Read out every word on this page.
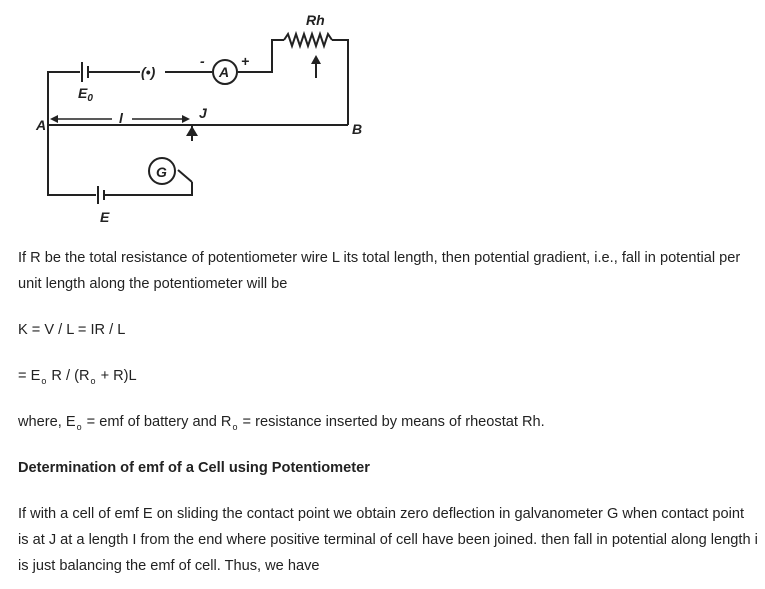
Rh
$E_0$
A	B
l	J
G
E
A
-	+
(•)

If R be the total resistance of potentiometer wire L its total length, then potential gradient, i.e., fall in potential per unit length along the potentiometer will be

K = V / L = IR / L

= $E_o$ $R / (R_o + R)L$

where, $E_o$ = emf of battery and $R_o$ = resistance inserted by means of rheostat Rh.

Determination of emf of a Cell using Potentiometer

If with a cell of emf E on sliding the contact point we obtain zero deflection in galvanometer G when contact point is at J at a length I from the end where positive terminal of cell have been joined. then fall in potential along length i is just balancing the emf of cell. Thus, we have
